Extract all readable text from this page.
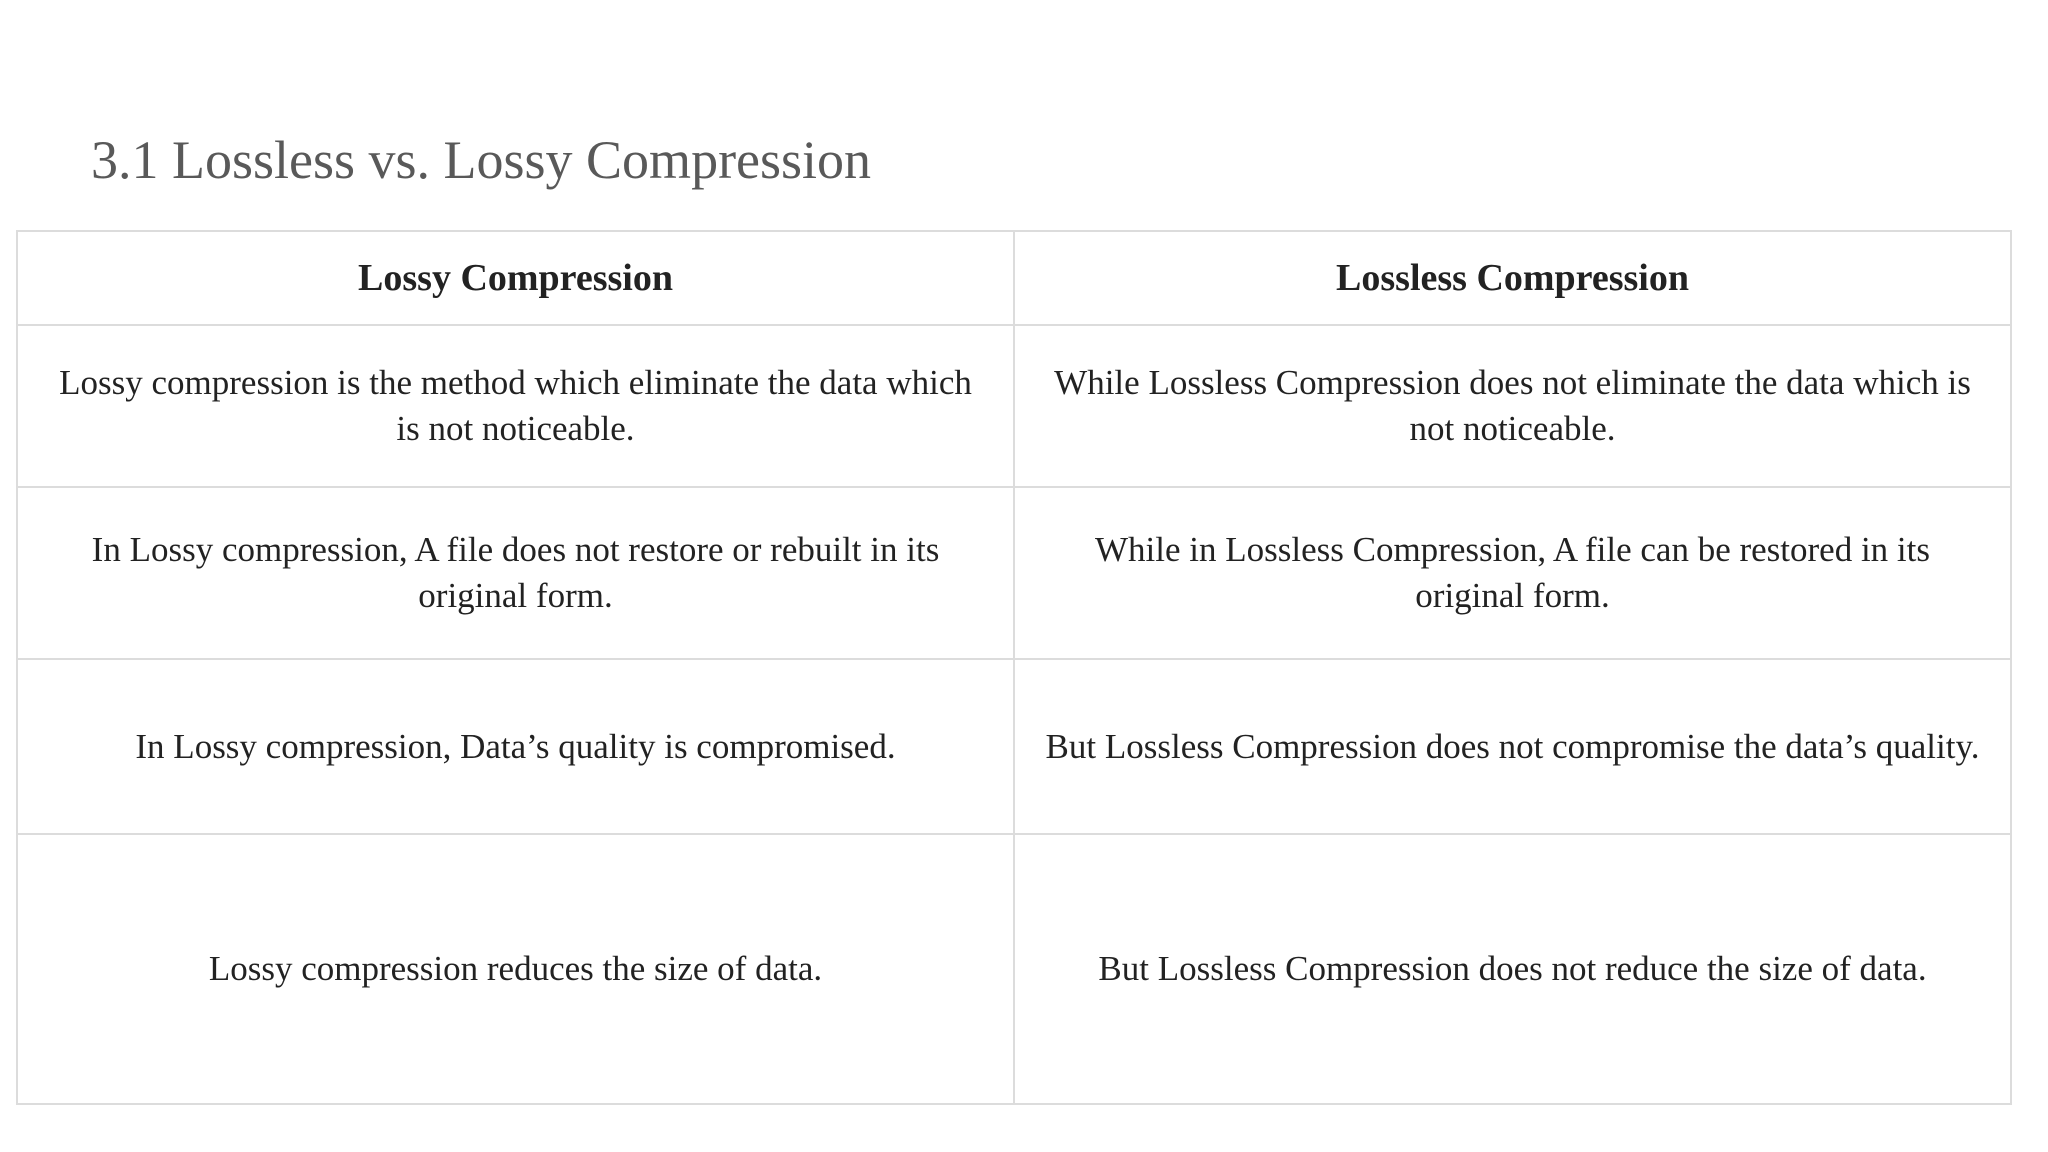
3.1 Lossless vs. Lossy Compression
Lossy Compression	Lossless Compression
Lossy compression is the method which eliminate the data which is not noticeable.	While Lossless Compression does not eliminate the data which is not noticeable.
In Lossy compression, A file does not restore or rebuilt in its original form.	While in Lossless Compression, A file can be restored in its original form.
In Lossy compression, Data’s quality is compromised.	But Lossless Compression does not compromise the data’s quality.
Lossy compression reduces the size of data.	But Lossless Compression does not reduce the size of data.
